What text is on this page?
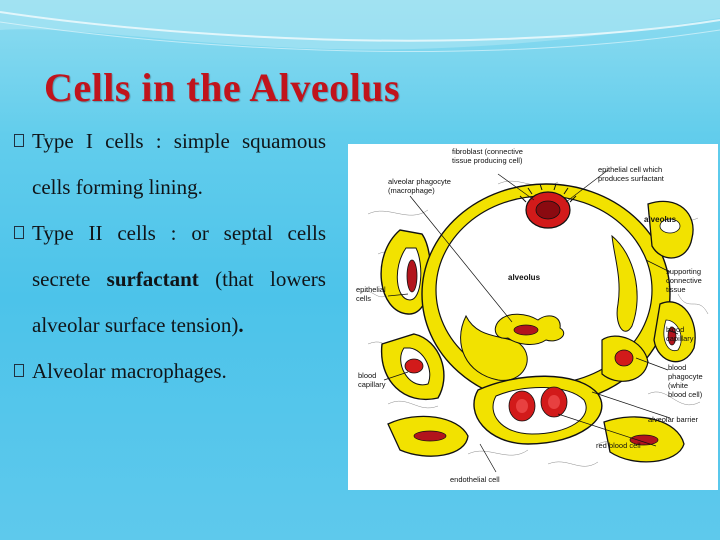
Cells in the Alveolus
Type I cells : simple squamous cells forming lining.
Type II cells : or septal cells secrete surfactant (that lowers alveolar surface tension).
Alveolar macrophages.
fibroblast (connective
tissue producing cell)
epithelial cell which
produces surfactant
alveolar phagocyte
(macrophage)
alveolus
alveolus
epithelial
cells
supporting
connective
tissue
blood
capillary
blood
capillary
blood
phagocyte
(white
blood cell)
alveolar barrier
red blood cell
endothelial cell
